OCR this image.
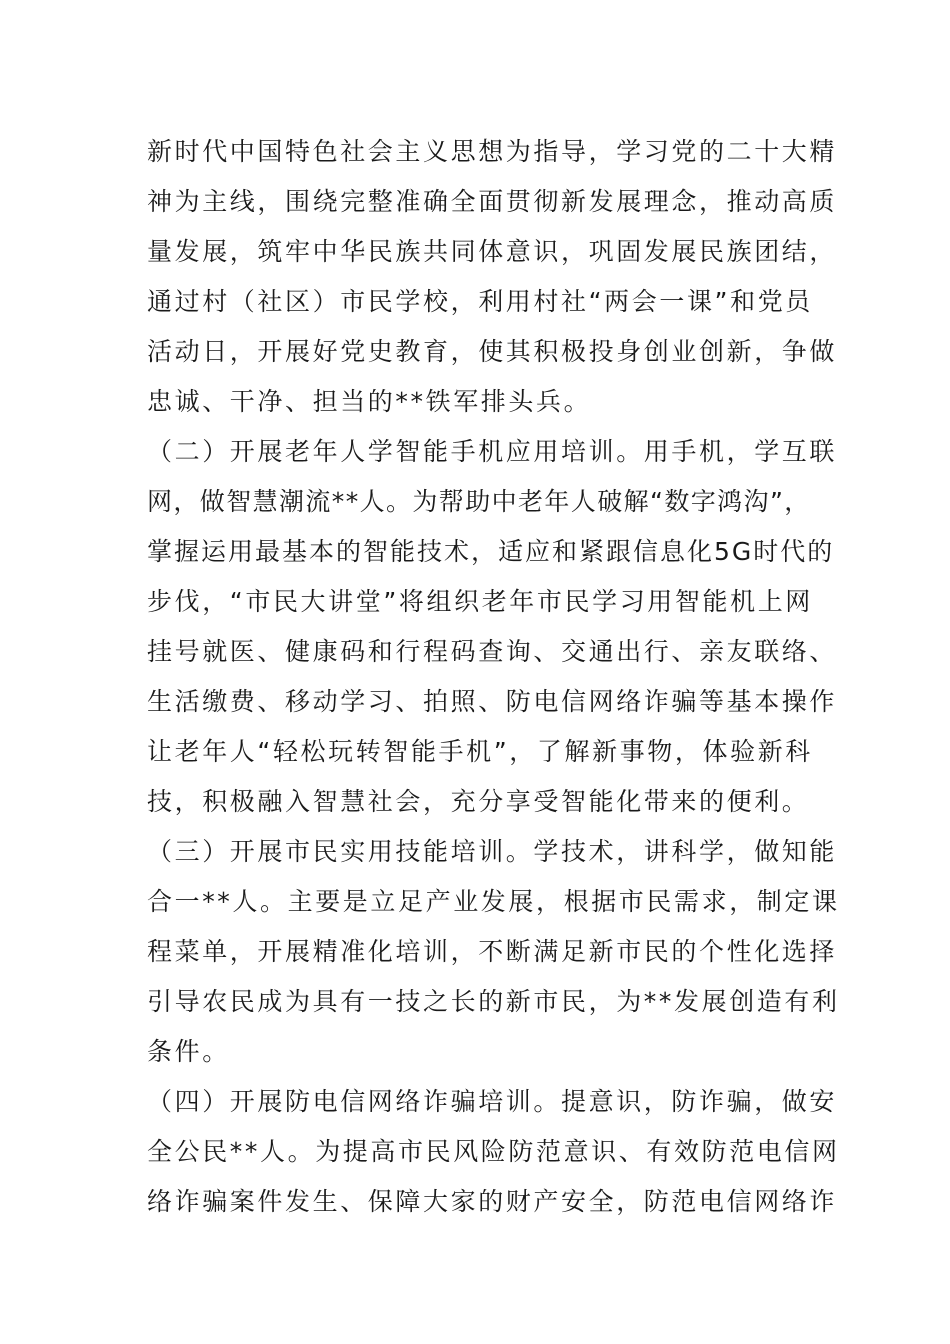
新时代中国特色社会主义思想为指导，学习党的二十大精
神为主线，围绕完整准确全面贯彻新发展理念，推动高质
量发展，筑牢中华民族共同体意识，巩固发展民族团结，
通过村（社区）市民学校，利用村社“两会一课”和党员
活动日，开展好党史教育，使其积极投身创业创新，争做
忠诚、干净、担当的**铁军排头兵。
（二）开展老年人学智能手机应用培训。用手机，学互联
网，做智慧潮流**人。为帮助中老年人破解“数字鸿沟”，
掌握运用最基本的智能技术，适应和紧跟信息化5G时代的
步伐，“市民大讲堂”将组织老年市民学习用智能机上网
挂号就医、健康码和行程码查询、交通出行、亲友联络、
生活缴费、移动学习、拍照、防电信网络诈骗等基本操作
让老年人“轻松玩转智能手机”，了解新事物，体验新科
技，积极融入智慧社会，充分享受智能化带来的便利。
（三）开展市民实用技能培训。学技术，讲科学，做知能
合一**人。主要是立足产业发展，根据市民需求，制定课
程菜单，开展精准化培训，不断满足新市民的个性化选择
引导农民成为具有一技之长的新市民，为**发展创造有利
条件。
（四）开展防电信网络诈骗培训。提意识，防诈骗，做安
全公民**人。为提高市民风险防范意识、有效防范电信网
络诈骗案件发生、保障大家的财产安全，防范电信网络诈
